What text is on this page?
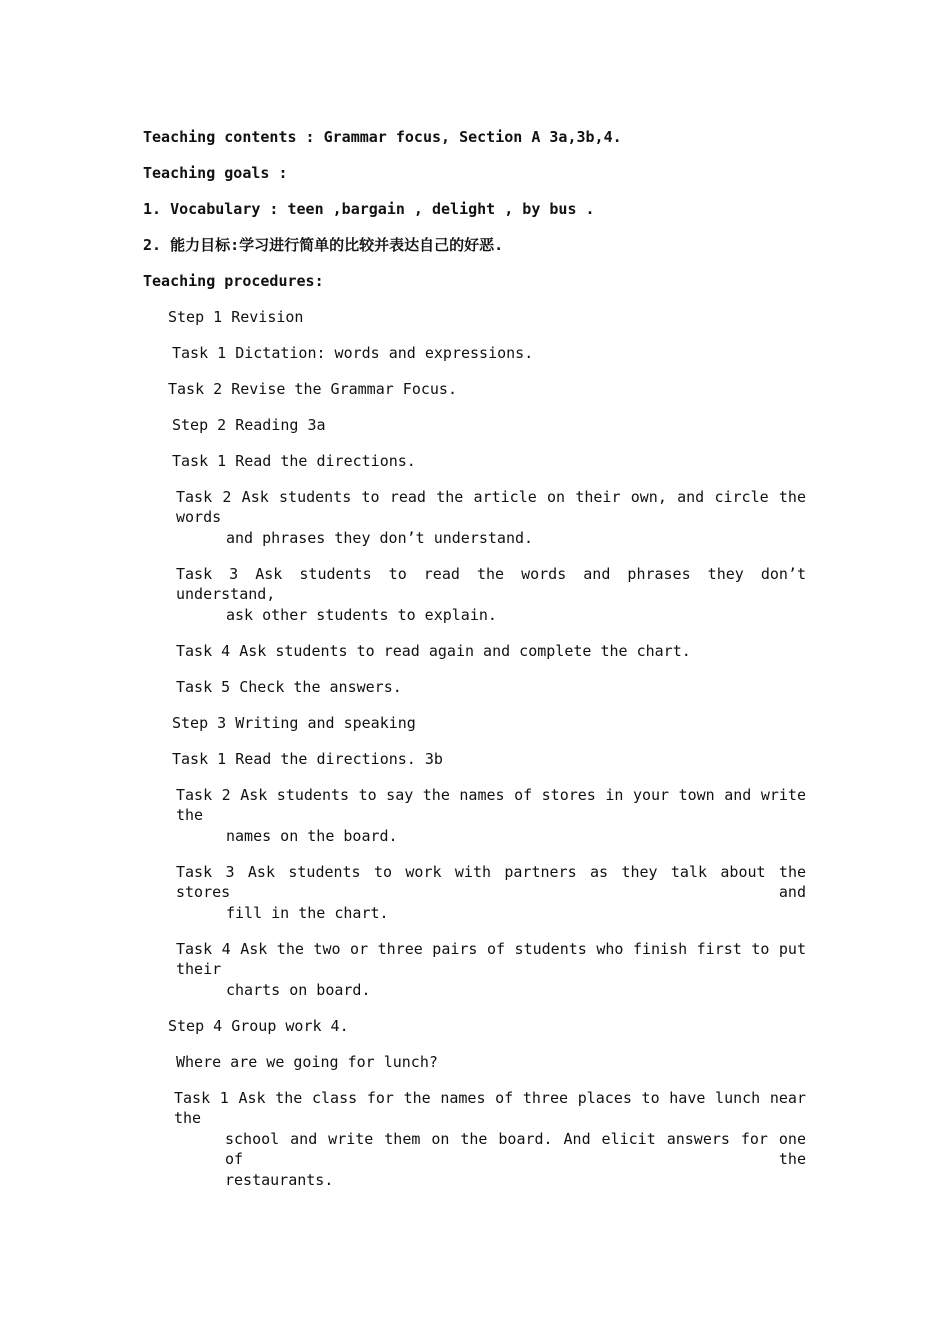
Teaching contents : Grammar focus, Section A 3a,3b,4.
Teaching goals :
1. Vocabulary : teen ,bargain , delight , by bus .
2. 能力目标:学习进行简单的比较并表达自己的好恶.
Teaching procedures:
Step 1 Revision
Task 1 Dictation: words and expressions.
Task 2 Revise the Grammar Focus.
Step 2 Reading 3a
Task 1 Read the directions.
Task 2 Ask students to read the article on their own, and circle the words
and phrases they don’t understand.
Task 3 Ask students to read the words and phrases they don’t understand,
ask other students to explain.
Task 4 Ask students to read again and complete the chart.
Task 5 Check the answers.
Step 3 Writing and speaking
Task 1 Read the directions. 3b
Task 2 Ask students to say the names of stores in your town and write the
names on the board.
Task 3 Ask students to work with partners as they talk about the stores and
fill in the chart.
Task 4 Ask the two or three pairs of students who finish first to put their
charts on board.
Step 4 Group work 4.
Where are we going for lunch?
Task 1 Ask the class for the names of three places to have lunch near the
school and write them on the board. And elicit answers for one of the
restaurants.
